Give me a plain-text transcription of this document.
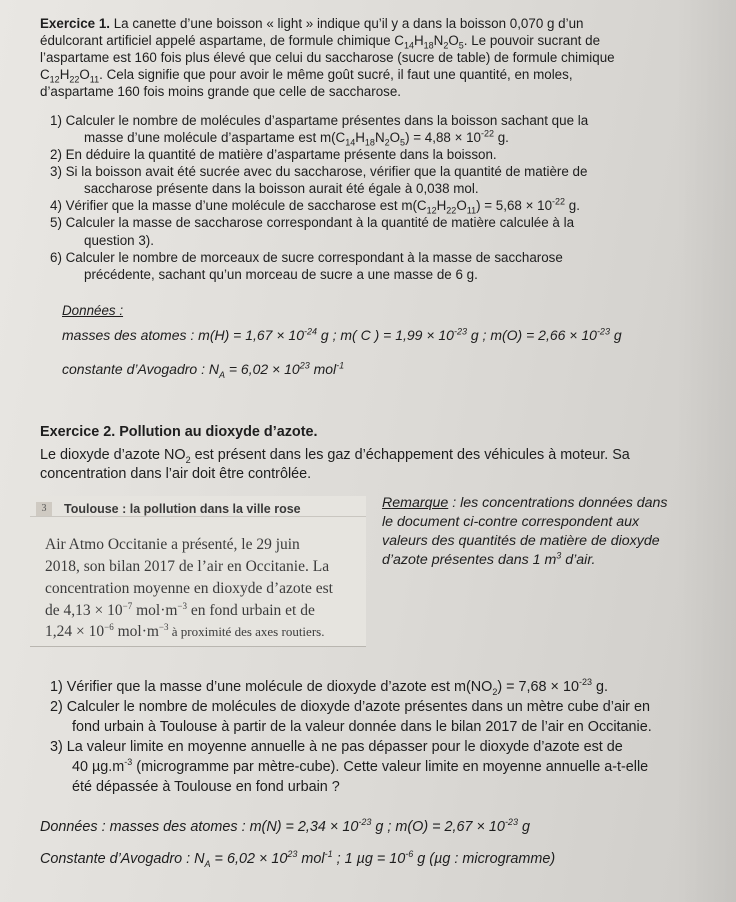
Exercice 1. La canette d’une boisson « light » indique qu’il y a dans la boisson 0,070 g d’un
édulcorant artificiel appelé aspartame, de formule chimique $C_{14}H_{18}N_2O_5$. Le pouvoir sucrant de
l’aspartame est 160 fois plus élevé que celui du saccharose (sucre de table) de formule chimique
$C_{12}H_{22}O_{11}$. Cela signifie que pour avoir le même goût sucré, il faut une quantité, en moles,
d’aspartame 160 fois moins grande que celle de saccharose.
1) Calculer le nombre de molécules d’aspartame présentes dans la boisson sachant que la
masse d’une molécule d’aspartame est $m(C_{14}H_{18}N_2O_5) = 4,88 \times 10^{-22}$ g.
2) En déduire la quantité de matière d’aspartame présente dans la boisson.
3) Si la boisson avait été sucrée avec du saccharose, vérifier que la quantité de matière de
saccharose présente dans la boisson aurait été égale à 0,038 mol.
4) Vérifier que la masse d’une molécule de saccharose est $m(C_{12}H_{22}O_{11}) = 5,68 \times 10^{-22}$ g.
5) Calculer la masse de saccharose correspondant à la quantité de matière calculée à la
question 3).
6) Calculer le nombre de morceaux de sucre correspondant à la masse de saccharose
précédente, sachant qu’un morceau de sucre a une masse de 6 g.
Données :
masses des atomes : $m(H) = 1,67 \times 10^{-24}$ g ; m( C ) = $1,99 \times 10^{-23}$ g ; $m(O) = 2,66 \times 10^{-23}$ g
constante d’Avogadro : $N_A = 6,02 \times 10^{23}$ mol$^{-1}$
Exercice 2. Pollution au dioxyde d’azote.
Le dioxyde d’azote $NO_2$ est présent dans les gaz d’échappement des véhicules à moteur. Sa
concentration dans l’air doit être contrôlée.
3	Toulouse : la pollution dans la ville rose
Air Atmo Occitanie a présenté, le 29 juin
2018, son bilan 2017 de l’air en Occitanie. La
concentration moyenne en dioxyde d’azote est
de $4,13 \times 10^{-7}$ $mol\cdot m^{-3}$ en fond urbain et de
$1,24 \times 10^{-6}$ $mol\cdot m^{-3}$ à proximité des axes routiers.
Remarque : les concentrations données dans
le document ci-contre correspondent aux
valeurs des quantités de matière de dioxyde
d’azote présentes dans 1 $m^3$ d’air.
1) Vérifier que la masse d’une molécule de dioxyde d’azote est $m(NO_2) = 7,68 \times 10^{-23}$ g.
2) Calculer le nombre de molécules de dioxyde d’azote présentes dans un mètre cube d’air en
fond urbain à Toulouse à partir de la valeur donnée dans le bilan 2017 de l’air en Occitanie.
3) La valeur limite en moyenne annuelle à ne pas dépasser pour le dioxyde d’azote est de
40 $\mu g.m^{-3}$ (microgramme par mètre-cube). Cette valeur limite en moyenne annuelle a-t-elle
été dépassée à Toulouse en fond urbain ?
Données : masses des atomes : $m(N) = 2,34 \times 10^{-23}$ g ; $m(O) = 2,67 \times 10^{-23}$ g
Constante d’Avogadro : $N_A = 6,02 \times 10^{23}$ mol$^{-1}$ ; 1 $\mu g = 10^{-6}$ g (µg : microgramme)
